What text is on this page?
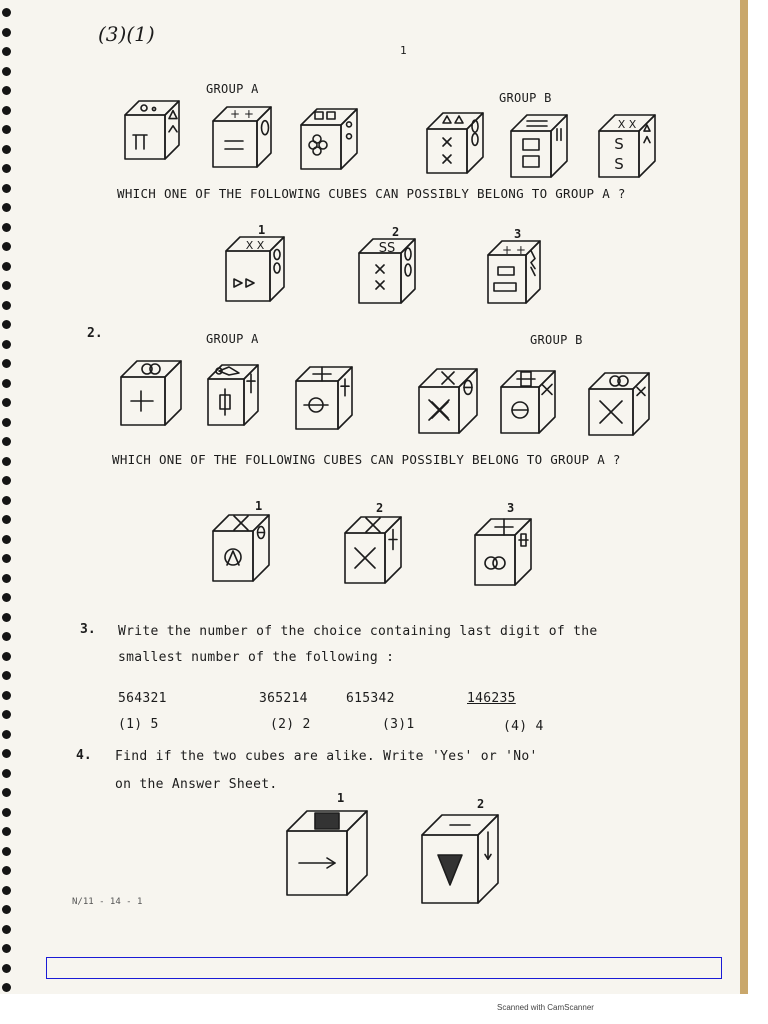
1
(3)(1)
GROUP A
GROUP B
+ +
S
S
X X
WHICH ONE OF THE FOLLOWING CUBES CAN POSSIBLY BELONG TO GROUP A ?
1	2	3
X X	SS	+ +
2.	GROUP A	GROUP B
WHICH ONE OF THE FOLLOWING CUBES CAN POSSIBLY BELONG TO GROUP A ?
1	2	3
3. Write the number of the choice containing last digit of the
smallest number of the following :
564321	365214	615342	146235
(1) 5	(2) 2	(3)1	(4) 4
4. Find if the two cubes are alike. Write 'Yes' or 'No'
on the Answer Sheet.
1	2
N/11 - 14 - 1
Scanned with CamScanner
